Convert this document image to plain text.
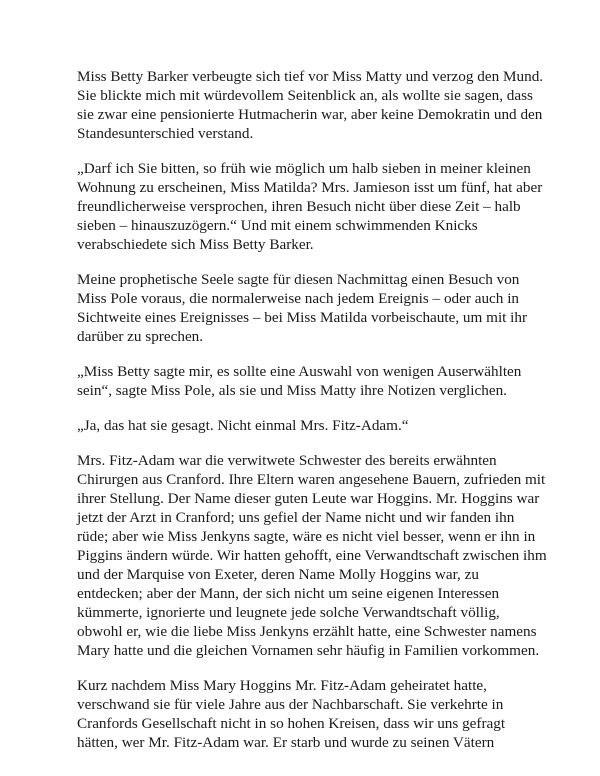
Miss Betty Barker verbeugte sich tief vor Miss Matty und verzog den Mund. Sie blickte mich mit würdevollem Seitenblick an, als wollte sie sagen, dass sie zwar eine pensionierte Hutmacherin war, aber keine Demokratin und den Standesunterschied verstand.

„Darf ich Sie bitten, so früh wie möglich um halb sieben in meiner kleinen Wohnung zu erscheinen, Miss Matilda? Mrs. Jamieson isst um fünf, hat aber freundlicherweise versprochen, ihren Besuch nicht über diese Zeit – halb sieben – hinauszuzögern.“ Und mit einem schwimmenden Knicks verabschiedete sich Miss Betty Barker.

Meine prophetische Seele sagte für diesen Nachmittag einen Besuch von Miss Pole voraus, die normalerweise nach jedem Ereignis – oder auch in Sichtweite eines Ereignisses – bei Miss Matilda vorbeischaute, um mit ihr darüber zu sprechen.

„Miss Betty sagte mir, es sollte eine Auswahl von wenigen Auserwählten sein“, sagte Miss Pole, als sie und Miss Matty ihre Notizen verglichen.

„Ja, das hat sie gesagt. Nicht einmal Mrs. Fitz-Adam.“

Mrs. Fitz-Adam war die verwitwete Schwester des bereits erwähnten Chirurgen aus Cranford. Ihre Eltern waren angesehene Bauern, zufrieden mit ihrer Stellung. Der Name dieser guten Leute war Hoggins. Mr. Hoggins war jetzt der Arzt in Cranford; uns gefiel der Name nicht und wir fanden ihn rüde; aber wie Miss Jenkyns sagte, wäre es nicht viel besser, wenn er ihn in Piggins ändern würde. Wir hatten gehofft, eine Verwandtschaft zwischen ihm und der Marquise von Exeter, deren Name Molly Hoggins war, zu entdecken; aber der Mann, der sich nicht um seine eigenen Interessen kümmerte, ignorierte und leugnete jede solche Verwandtschaft völlig, obwohl er, wie die liebe Miss Jenkyns erzählt hatte, eine Schwester namens Mary hatte und die gleichen Vornamen sehr häufig in Familien vorkommen.

Kurz nachdem Miss Mary Hoggins Mr. Fitz-Adam geheiratet hatte, verschwand sie für viele Jahre aus der Nachbarschaft. Sie verkehrte in Cranfords Gesellschaft nicht in so hohen Kreisen, dass wir uns gefragt hätten, wer Mr. Fitz-Adam war. Er starb und wurde zu seinen Vätern
